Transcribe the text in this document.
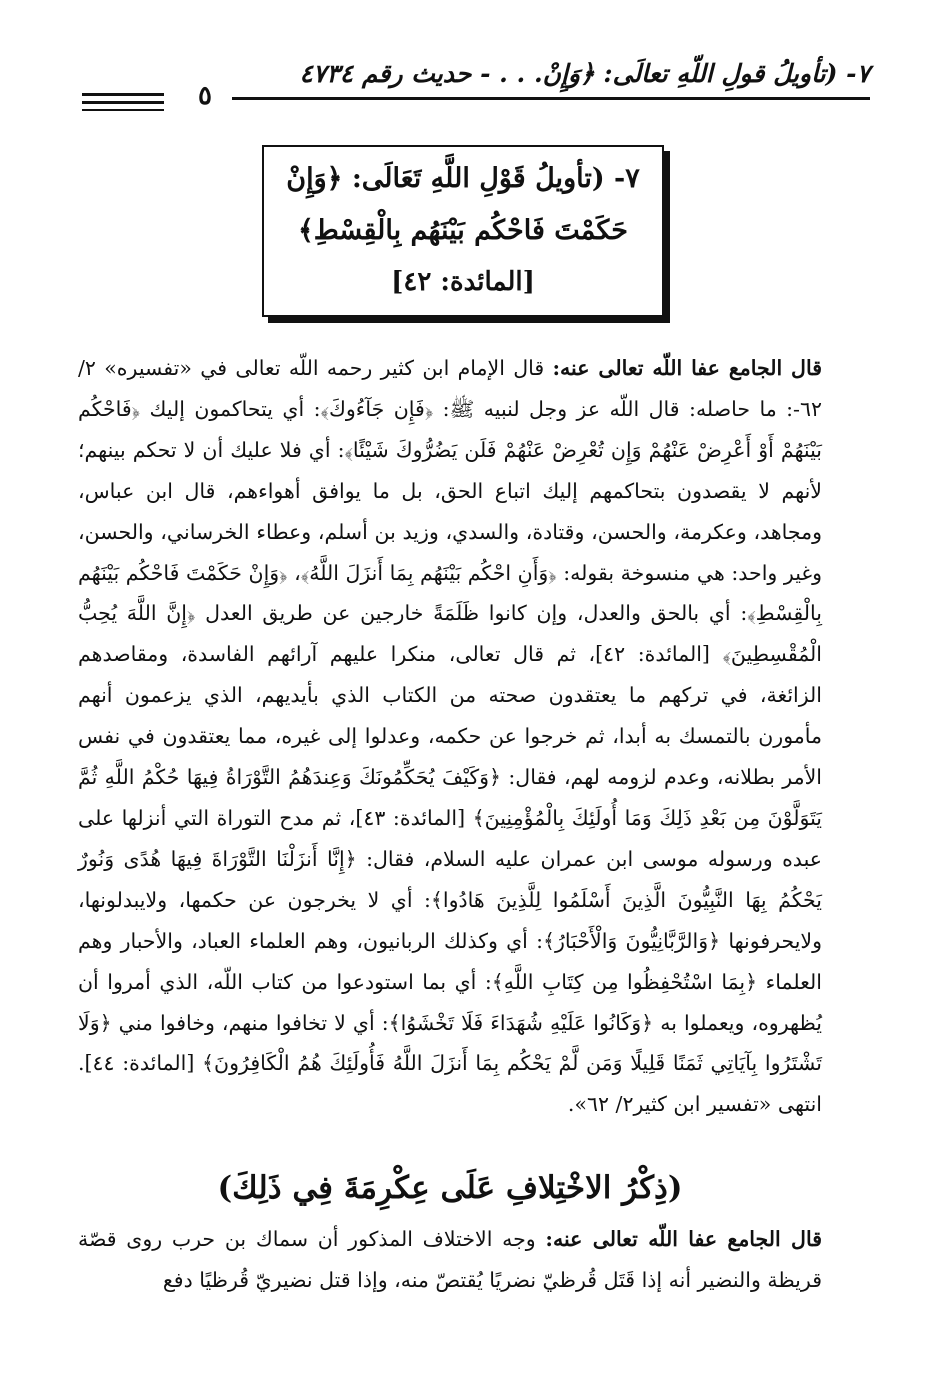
٧- (تأويلُ قولِ اللّهِ تعالَى: ﴿وَإِنْ. . . - حديث رقم ٤٧٣٤
٥
٧- (تأويلُ قَوْلِ اللَّهِ تَعَالَى: ﴿وَإِنْ
حَكَمْتَ فَاحْكُم بَيْنَهُم بِالْقِسْطِ﴾
[المائدة: ٤٢]

قال الجامع عفا اللّه تعالى عنه: قال الإمام ابن كثير رحمه اللّه تعالى في «تفسيره» ٢/ ٦٢-: ما حاصله: قال اللّه عز وجل لنبيه ﷺ: ﴿فَإِن جَآءُوكَ﴾: أي يتحاكمون إليك ﴿فَاحْكُم بَيْنَهُمْ أَوْ أَعْرِضْ عَنْهُمْ وَإِن تُعْرِضْ عَنْهُمْ فَلَن يَضُرُّوكَ شَيْئًا﴾: أي فلا عليك أن لا تحكم بينهم؛ لأنهم لا يقصدون بتحاكمهم إليك اتباع الحق، بل ما يوافق أهواءهم، قال ابن عباس، ومجاهد، وعكرمة، والحسن، وقتادة، والسدي، وزيد بن أسلم، وعطاء الخرساني، والحسن، وغير واحد: هي منسوخة بقوله: ﴿وَأَنِ احْكُم بَيْنَهُم بِمَا أَنزَلَ اللَّهُ﴾، ﴿وَإِنْ حَكَمْتَ فَاحْكُم بَيْنَهُم بِالْقِسْطِ﴾: أي بالحق والعدل، وإن كانوا ظَلَمَةً خارجين عن طريق العدل ﴿إِنَّ اللَّهَ يُحِبُّ الْمُقْسِطِينَ﴾ [المائدة: ٤٢]، ثم قال تعالى، منكرا عليهم آرائهم الفاسدة، ومقاصدهم الزائغة، في تركهم ما يعتقدون صحته من الكتاب الذي بأيديهم، الذي يزعمون أنهم مأمورن بالتمسك به أبدا، ثم خرجوا عن حكمه، وعدلوا إلى غيره، مما يعتقدون في نفس الأمر بطلانه، وعدم لزومه لهم، فقال: ﴿وَكَيْفَ يُحَكِّمُونَكَ وَعِندَهُمُ التَّوْرَاةُ فِيهَا حُكْمُ اللَّهِ ثُمَّ يَتَوَلَّوْنَ مِن بَعْدِ ذَلِكَ وَمَا أُولَئِكَ بِالْمُؤْمِنِينَ﴾ [المائدة: ٤٣]، ثم مدح التوراة التي أنزلها على عبده ورسوله موسى ابن عمران عليه السلام، فقال: ﴿إِنَّا أَنزَلْنَا التَّوْرَاةَ فِيهَا هُدًى وَنُورٌ يَحْكُمُ بِهَا النَّبِيُّونَ الَّذِينَ أَسْلَمُوا لِلَّذِينَ هَادُوا﴾: أي لا يخرجون عن حكمها، ولايبدلونها، ولايحرفونها ﴿وَالرَّبَّانِيُّونَ وَالْأَحْبَارُ﴾: أي وكذلك الربانيون، وهم العلماء العباد، والأحبار وهم العلماء ﴿بِمَا اسْتُحْفِظُوا مِن كِتَابِ اللَّهِ﴾: أي بما استودعوا من كتاب اللّه، الذي أمروا أن يُظهروه، ويعملوا به ﴿وَكَانُوا عَلَيْهِ شُهَدَاءَ فَلَا تَخْشَوُا﴾: أي لا تخافوا منهم، وخافوا مني ﴿وَلَا تَشْتَرُوا بِآيَاتِي ثَمَنًا قَلِيلًا وَمَن لَّمْ يَحْكُم بِمَا أَنزَلَ اللَّهُ فَأُولَئِكَ هُمُ الْكَافِرُونَ﴾ [المائدة: ٤٤]. انتهى «تفسير ابن كثير٢/ ٦٢».

(ذِكْرُ الاخْتِلافِ عَلَى عِكْرِمَةَ فِي ذَلِكَ)

قال الجامع عفا اللّه تعالى عنه: وجه الاختلاف المذكور أن سماك بن حرب روى قصّة قريظة والنضير أنه إذا قَتَل قُرظيّ نضريًا يُقتصّ منه، وإذا قتل نضيريّ قُرظيًا دفع
